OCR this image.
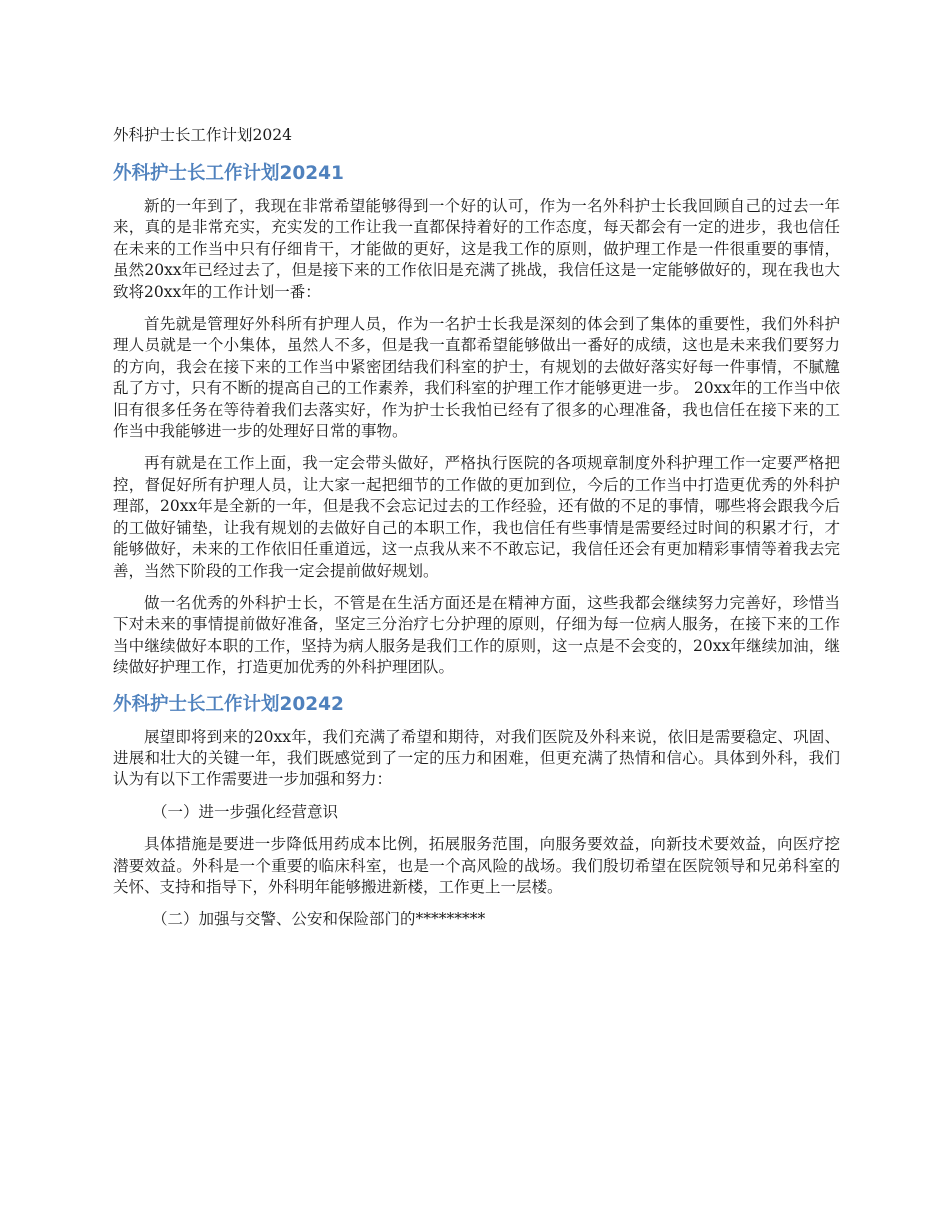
外科护士长工作计划2024
外科护士长工作计划20241

新的一年到了，我现在非常希望能够得到一个好的认可，作为一名外科护士长我回顾自己的过去一年来，真的是非常充实，充实发的工作让我一直都保持着好的工作态度，每天都会有一定的进步，我也信任在未来的工作当中只有仔细肯干，才能做的更好，这是我工作的原则，做护理工作是一件很重要的事情，虽然20xx年已经过去了，但是接下来的工作依旧是充满了挑战，我信任这是一定能够做好的，现在我也大致将20xx年的工作计划一番：

首先就是管理好外科所有护理人员，作为一名护士长我是深刻的体会到了集体的重要性，我们外科护理人员就是一个小集体，虽然人不多，但是我一直都希望能够做出一番好的成绩，这也是未来我们要努力的方向，我会在接下来的工作当中紧密团结我们科室的护士，有规划的去做好落实好每一件事情，不腻韑乱了方寸，只有不断的提高自己的工作素养，我们科室的护理工作才能够更进一步。 20xx年的工作当中依旧有很多任务在等待着我们去落实好，作为护士长我怕已经有了很多的心理准备，我也信任在接下来的工作当中我能够进一步的处理好日常的事物。

再有就是在工作上面，我一定会带头做好，严格执行医院的各项规章制度外科护理工作一定要严格把控，督促好所有护理人员，让大家一起把细节的工作做的更加到位，今后的工作当中打造更优秀的外科护理部，20xx年是全新的一年，但是我不会忘记过去的工作经验，还有做的不足的事情，哪些将会跟我今后的工做好铺垫，让我有规划的去做好自己的本职工作，我也信任有些事情是需要经过时间的积累才行，才能够做好，未来的工作依旧任重道远，这一点我从来不不敢忘记，我信任还会有更加精彩事情等着我去完善，当然下阶段的工作我一定会提前做好规划。

做一名优秀的外科护士长，不管是在生活方面还是在精神方面，这些我都会继续努力完善好，珍惜当下对未来的事情提前做好准备，坚定三分治疗七分护理的原则，仔细为每一位病人服务，在接下来的工作当中继续做好本职的工作，坚持为病人服务是我们工作的原则，这一点是不会变的，20xx年继续加油，继续做好护理工作，打造更加优秀的外科护理团队。

外科护士长工作计划20242

展望即将到来的20xx年，我们充满了希望和期待，对我们医院及外科来说，依旧是需要稳定、巩固、进展和壮大的关键一年，我们既感觉到了一定的压力和困难，但更充满了热情和信心。具体到外科，我们认为有以下工作需要进一步加强和努力：

（一）进一步强化经营意识

具体措施是要进一步降低用药成本比例，拓展服务范围，向服务要效益，向新技术要效益，向医疗挖潜要效益。外科是一个重要的临床科室，也是一个高风险的战场。我们殷切希望在医院领导和兄弟科室的关怀、支持和指导下，外科明年能够搬进新楼，工作更上一层楼。

（二）加强与交警、公安和保险部门的*********
